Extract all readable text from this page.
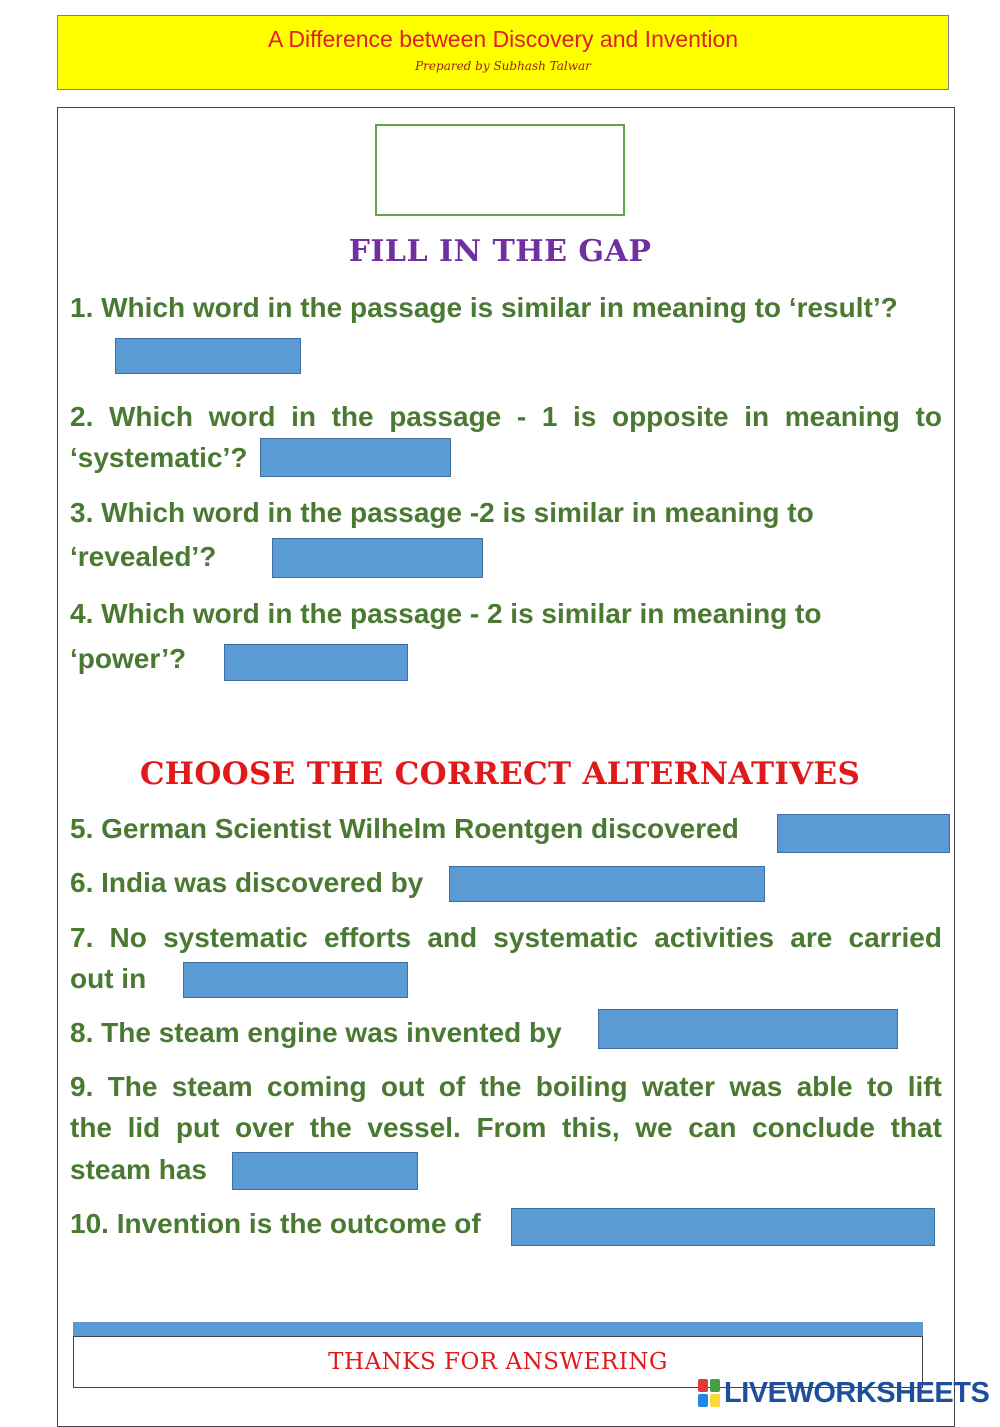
A Difference between Discovery and Invention
Prepared by Subhash Talwar
FILL IN THE GAP
1. Which word in the passage is similar in meaning to ‘result’?
2. Which word in the passage - 1 is opposite in meaning to
‘systematic’?
3. Which word in the passage -2 is similar in meaning to
‘revealed’?
4. Which word in the passage - 2 is similar in meaning to
‘power’?
CHOOSE THE CORRECT ALTERNATIVES
5. German Scientist Wilhelm Roentgen discovered
6. India was discovered by
7. No systematic efforts and systematic activities are carried
out in
8. The steam engine was invented by
9. The steam coming out of the boiling water was able to lift
the lid put over the vessel. From this, we can conclude that
steam has
10. Invention is the outcome of
THANKS FOR ANSWERING
LIVEWORKSHEETS
